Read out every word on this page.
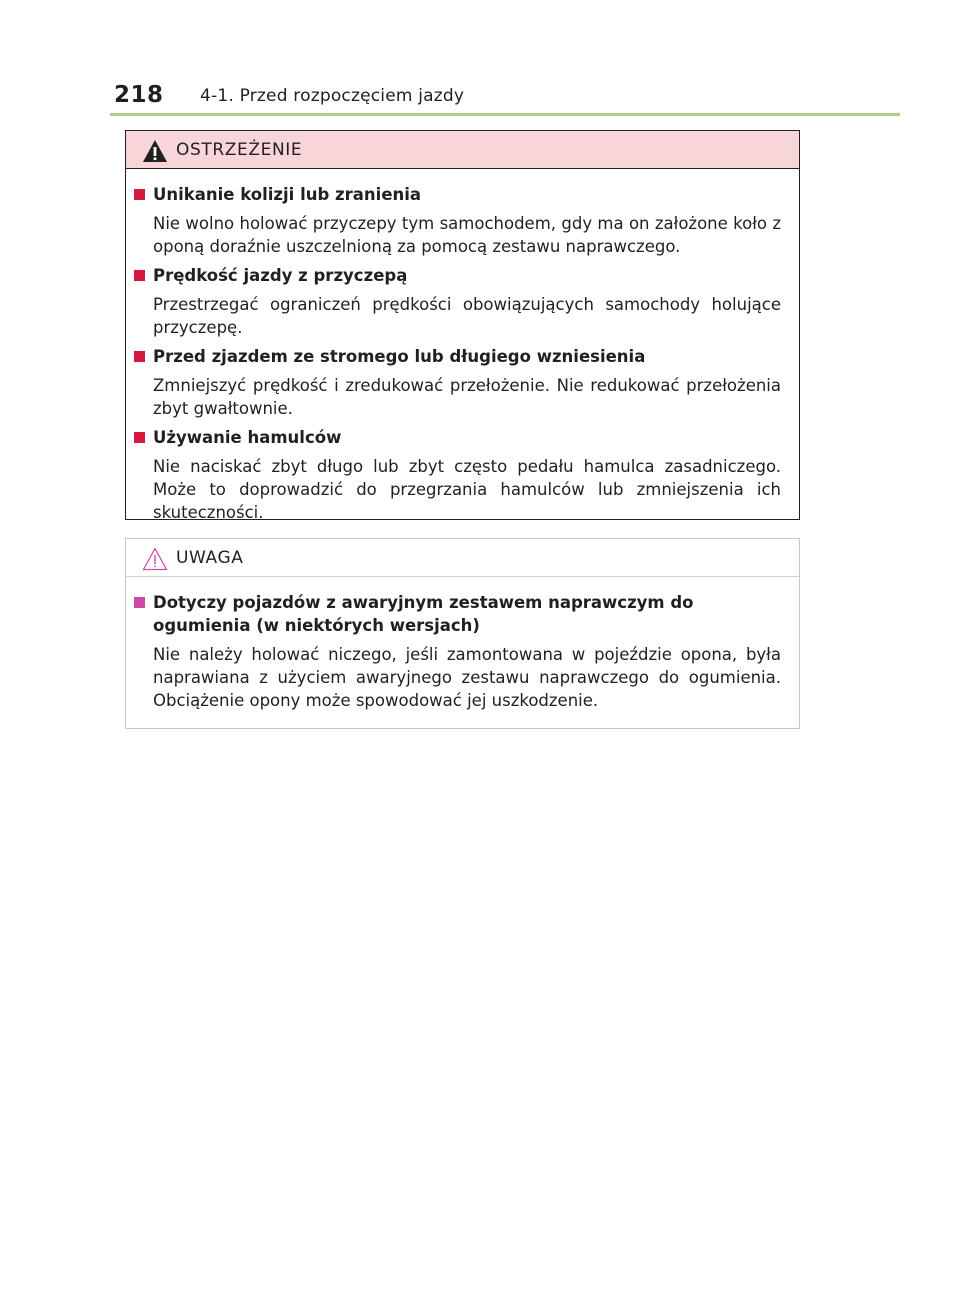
218 4-1. Przed rozpoczęciem jazdy
OSTRZEŻENIE
Unikanie kolizji lub zranienia
Nie wolno holować przyczepy tym samochodem, gdy ma on założone koło z oponą doraźnie uszczelnioną za pomocą zestawu naprawczego.
Prędkość jazdy z przyczepą
Przestrzegać ograniczeń prędkości obowiązujących samochody holujące przyczepę.
Przed zjazdem ze stromego lub długiego wzniesienia
Zmniejszyć prędkość i zredukować przełożenie. Nie redukować przełożenia zbyt gwałtownie.
Używanie hamulców
Nie naciskać zbyt długo lub zbyt często pedału hamulca zasadniczego. Może to doprowadzić do przegrzania hamulców lub zmniejszenia ich skuteczności.
UWAGA
Dotyczy pojazdów z awaryjnym zestawem naprawczym do ogumienia (w niektórych wersjach)
Nie należy holować niczego, jeśli zamontowana w pojeździe opona, była naprawiana z użyciem awaryjnego zestawu naprawczego do ogumienia. Obciążenie opony może spowodować jej uszkodzenie.
